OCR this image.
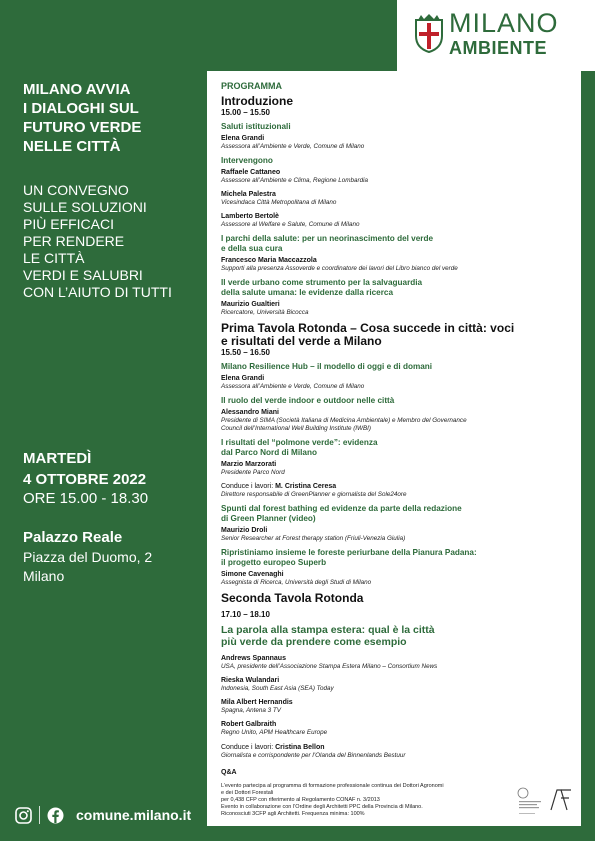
MILANO
AMBIENTE
MILANO AVVIA
I DIALOGHI SUL
FUTURO VERDE
NELLE CITTÀ
UN CONVEGNO
SULLE SOLUZIONI
PIÙ EFFICACI
PER RENDERE
LE CITTÀ
VERDI E SALUBRI
CON L’AIUTO DI TUTTI
MARTEDÌ
4 OTTOBRE 2022
ORE 15.00 - 18.30
Palazzo Reale
Piazza del Duomo, 2
Milano
comune.milano.it
PROGRAMMA
Introduzione
15.00 – 15.50
Saluti istituzionali
Elena Grandi
Assessora all’Ambiente e Verde, Comune di Milano
Intervengono
Raffaele Cattaneo
Assessore all’Ambiente e Clima, Regione Lombardia
Michela Palestra
Vicesindaca Città Metropolitana di Milano
Lamberto Bertolè
Assessore al Welfare e Salute, Comune di Milano
I parchi della salute: per un neorinascimento del verde
e della sua cura
Francesco Maria Maccazzola
Supporti alla presenza Assoverde e coordinatore dei lavori del Libro bianco del verde
Il verde urbano come strumento per la salvaguardia
della salute umana: le evidenze dalla ricerca
Maurizio Gualtieri
Ricercatore, Università Bicocca
Prima Tavola Rotonda – Cosa succede in città: voci
e risultati del verde a Milano
15.50 – 16.50
Milano Resilience Hub – il modello di oggi e di domani
Elena Grandi
Assessora all’Ambiente e Verde, Comune di Milano
Il ruolo del verde indoor e outdoor nelle città
Alessandro Miani
Presidente di SIMA (Società Italiana di Medicina Ambientale) e Membro del Governance
Council dell’International Well Building Institute (IWBI)
I risultati del “polmone verde”: evidenza
dal Parco Nord di Milano
Marzio Marzorati
Presidente Parco Nord
Conduce i lavori: M. Cristina Ceresa
Direttore responsabile di GreenPlanner e giornalista del Sole24ore
Spunti dal forest bathing ed evidenze da parte della redazione
di Green Planner (video)
Maurizio Droli
Senior Researcher at Forest therapy station (Friuli-Venezia Giulia)
Ripristiniamo insieme le foreste periurbane della Pianura Padana:
il progetto europeo Superb
Simone Cavenaghi
Assegnista di Ricerca, Università degli Studi di Milano
Seconda Tavola Rotonda
17.10 – 18.10
La parola alla stampa estera: qual è la città
più verde da prendere come esempio
Andrews Spannaus
USA, presidente dell’Associazione Stampa Estera Milano – Consortium News
Rieska Wulandari
Indonesia, South East Asia (SEA) Today
Mila Albert Hernandis
Spagna, Antena 3 TV
Robert Galbraith
Regno Unito, APM Healthcare Europe
Conduce i lavori: Cristina Bellon
Giornalista e corrispondente per l’Olanda del Binnenlands Bestuur
Q&A
L’evento partecipa al programma di formazione professionale continua dei Dottori Agronomi
e dei Dottori Forestali
per 0,438 CFP con riferimento al Regolamento CONAF n. 3/2013
Evento in collaborazione con l’Ordine degli Architetti PPC della Provincia di Milano.
Riconosciuti 3CFP agli Architetti. Frequenza minima: 100%
